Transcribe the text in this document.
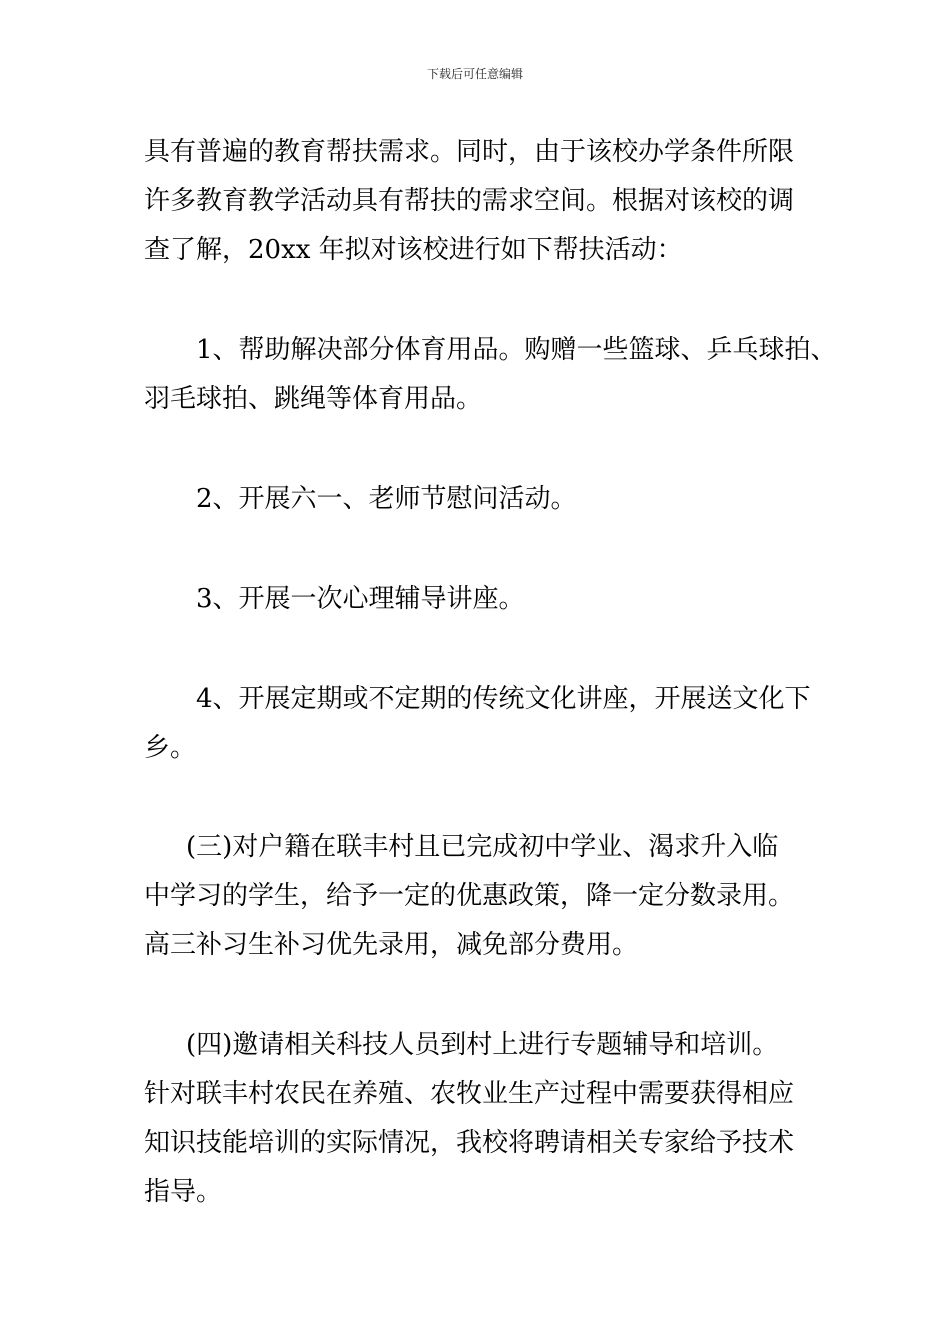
下载后可任意编辑
具有普遍的教育帮扶需求。同时，由于该校办学条件所限
许多教育教学活动具有帮扶的需求空间。根据对该校的调
查了解，20xx 年拟对该校进行如下帮扶活动：
1、帮助解决部分体育用品。购赠一些篮球、乒乓球拍、
羽毛球拍、跳绳等体育用品。
2、开展六一、老师节慰问活动。
3、开展一次心理辅导讲座。
4、开展定期或不定期的传统文化讲座，开展送文化下
乡。
(三)对户籍在联丰村且已完成初中学业、渴求升入临
中学习的学生，给予一定的优惠政策，降一定分数录用。
高三补习生补习优先录用，减免部分费用。
(四)邀请相关科技人员到村上进行专题辅导和培训。
针对联丰村农民在养殖、农牧业生产过程中需要获得相应
知识技能培训的实际情况，我校将聘请相关专家给予技术
指导。
